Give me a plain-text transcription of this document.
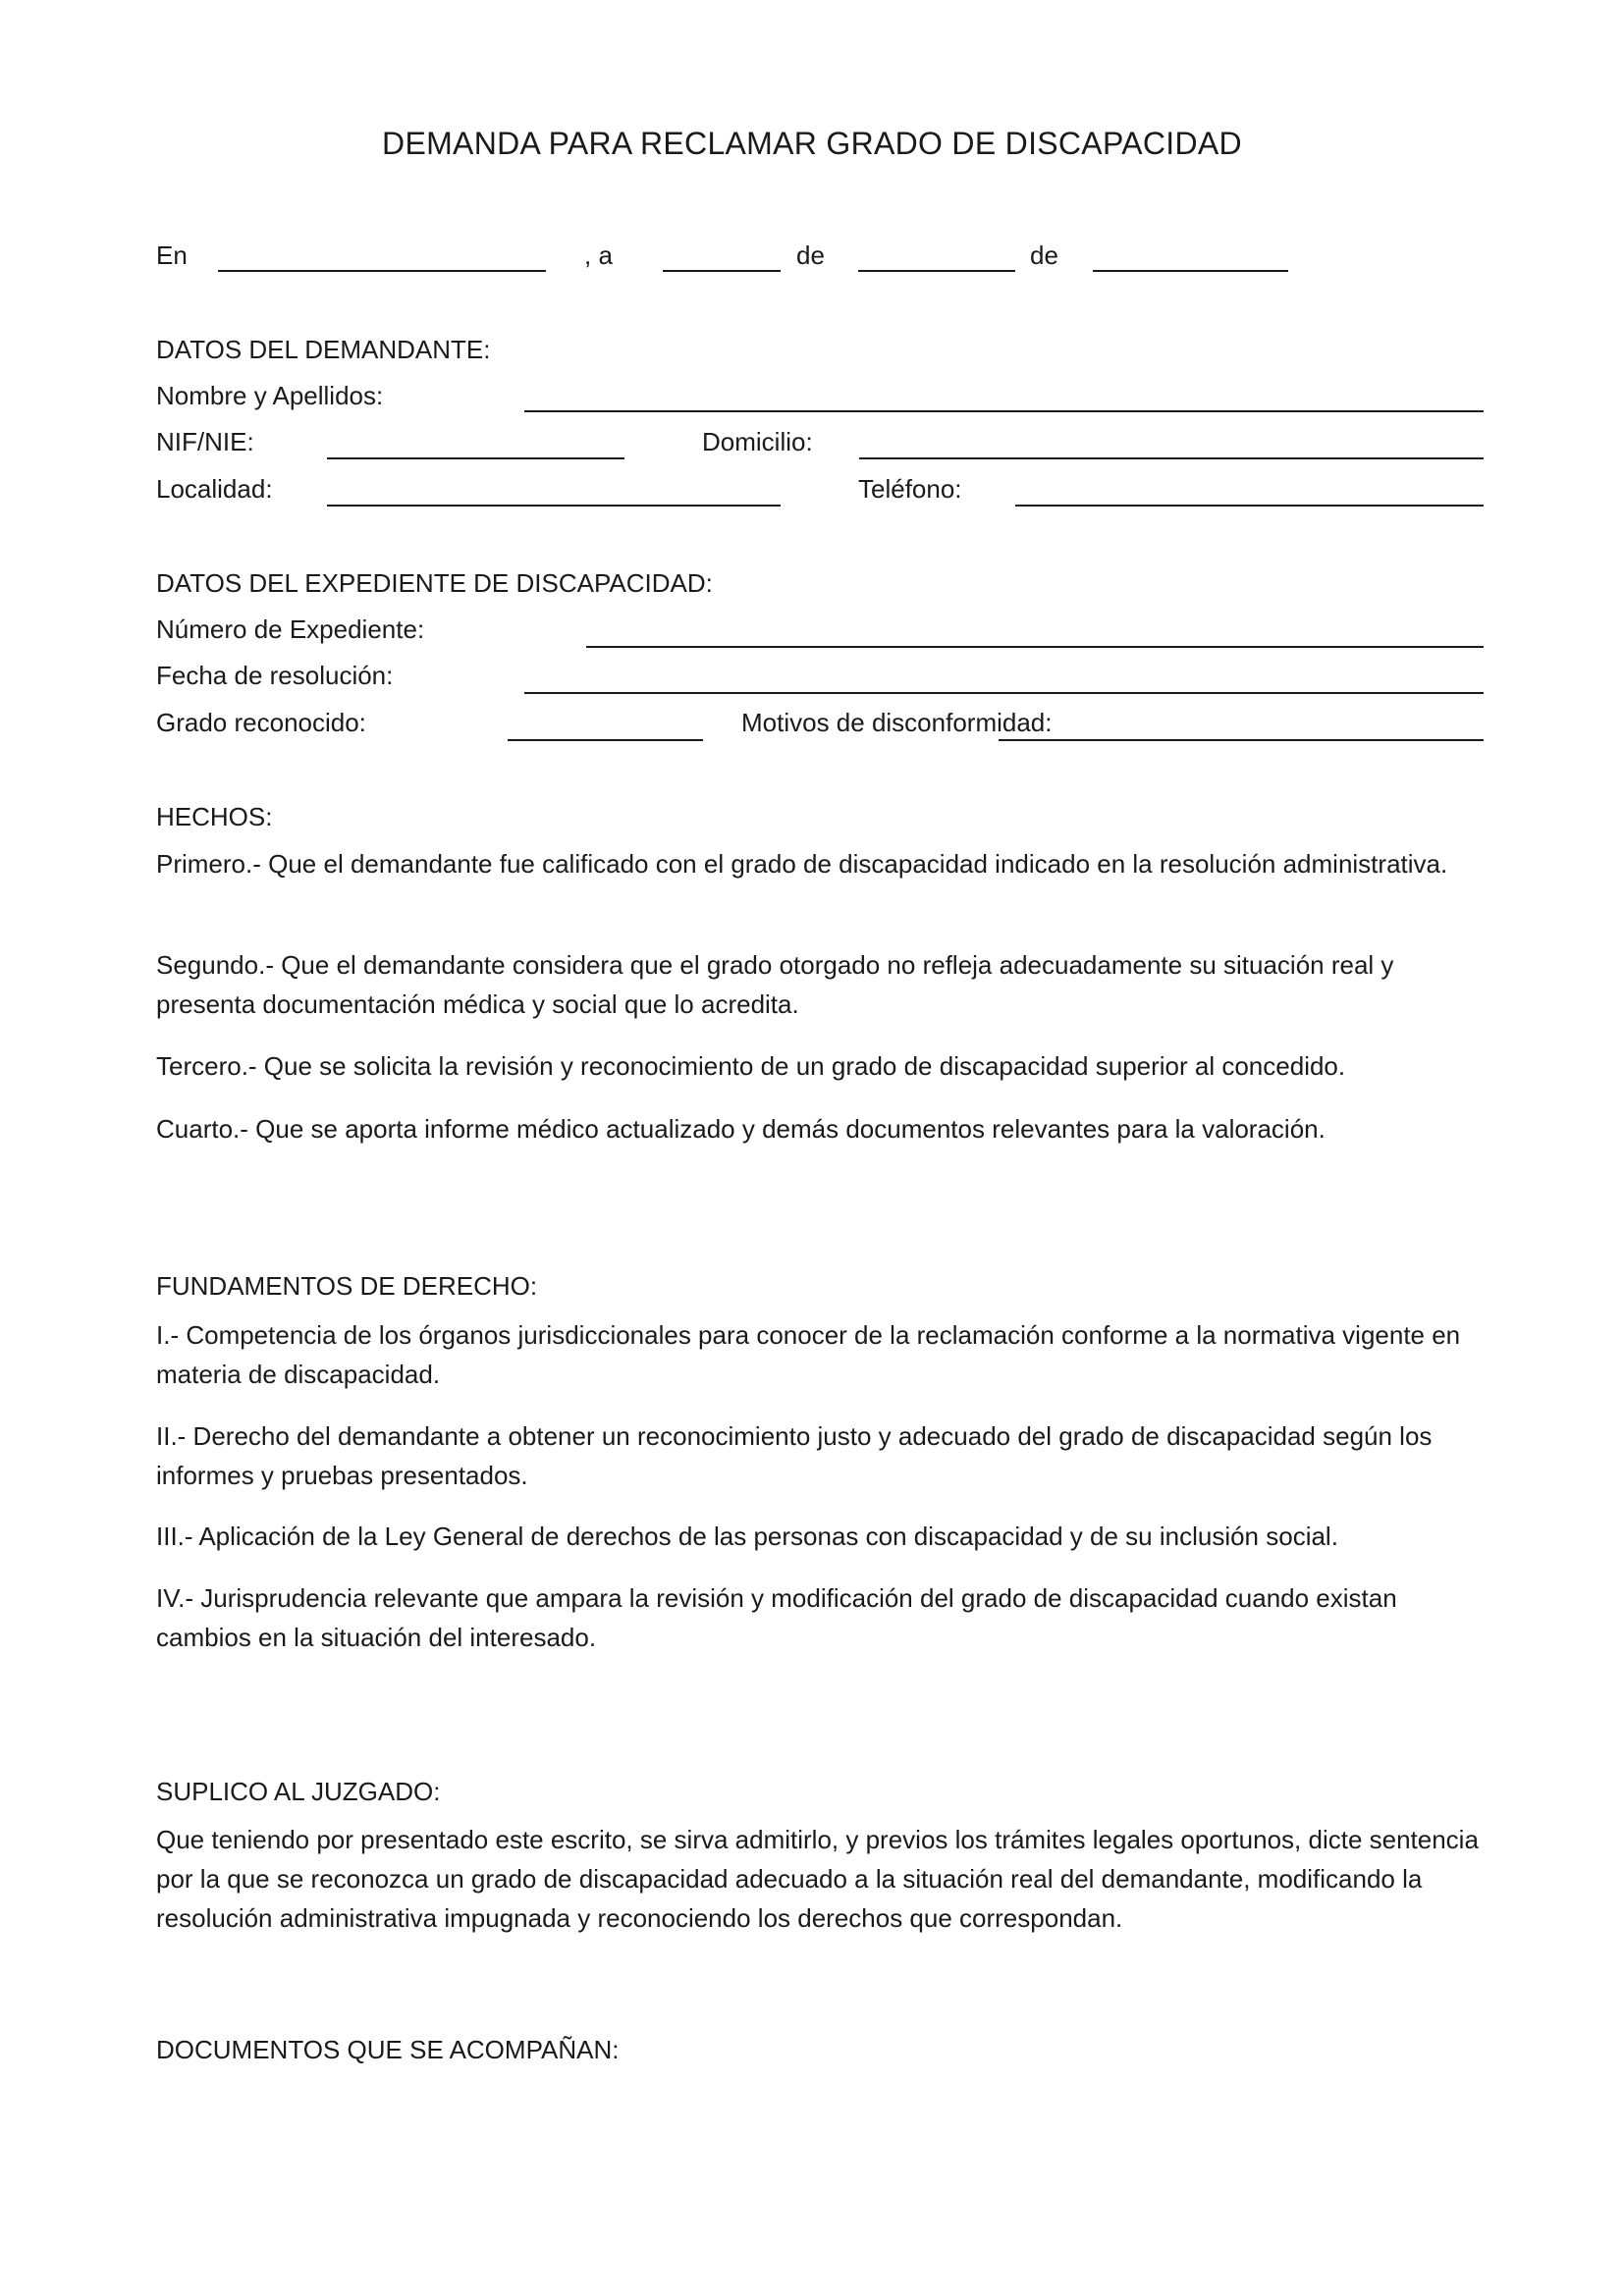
DEMANDA PARA RECLAMAR GRADO DE DISCAPACIDAD
En	, a	de	de
DATOS DEL DEMANDANTE:
Nombre y Apellidos:
NIF/NIE:	Domicilio:
Localidad:	Teléfono:
DATOS DEL EXPEDIENTE DE DISCAPACIDAD:
Número de Expediente:
Fecha de resolución:
Grado reconocido:	Motivos de disconformidad:
HECHOS:
Primero.- Que el demandante fue calificado con el grado de discapacidad indicado en la resolución administrativa.
Segundo.- Que el demandante considera que el grado otorgado no refleja adecuadamente su situación real y presenta documentación médica y social que lo acredita.
Tercero.- Que se solicita la revisión y reconocimiento de un grado de discapacidad superior al concedido.
Cuarto.- Que se aporta informe médico actualizado y demás documentos relevantes para la valoración.
FUNDAMENTOS DE DERECHO:
I.- Competencia de los órganos jurisdiccionales para conocer de la reclamación conforme a la normativa vigente en materia de discapacidad.
II.- Derecho del demandante a obtener un reconocimiento justo y adecuado del grado de discapacidad según los informes y pruebas presentados.
III.- Aplicación de la Ley General de derechos de las personas con discapacidad y de su inclusión social.
IV.- Jurisprudencia relevante que ampara la revisión y modificación del grado de discapacidad cuando existan cambios en la situación del interesado.
SUPLICO AL JUZGADO:
Que teniendo por presentado este escrito, se sirva admitirlo, y previos los trámites legales oportunos, dicte sentencia por la que se reconozca un grado de discapacidad adecuado a la situación real del demandante, modificando la resolución administrativa impugnada y reconociendo los derechos que correspondan.
DOCUMENTOS QUE SE ACOMPAÑAN:
